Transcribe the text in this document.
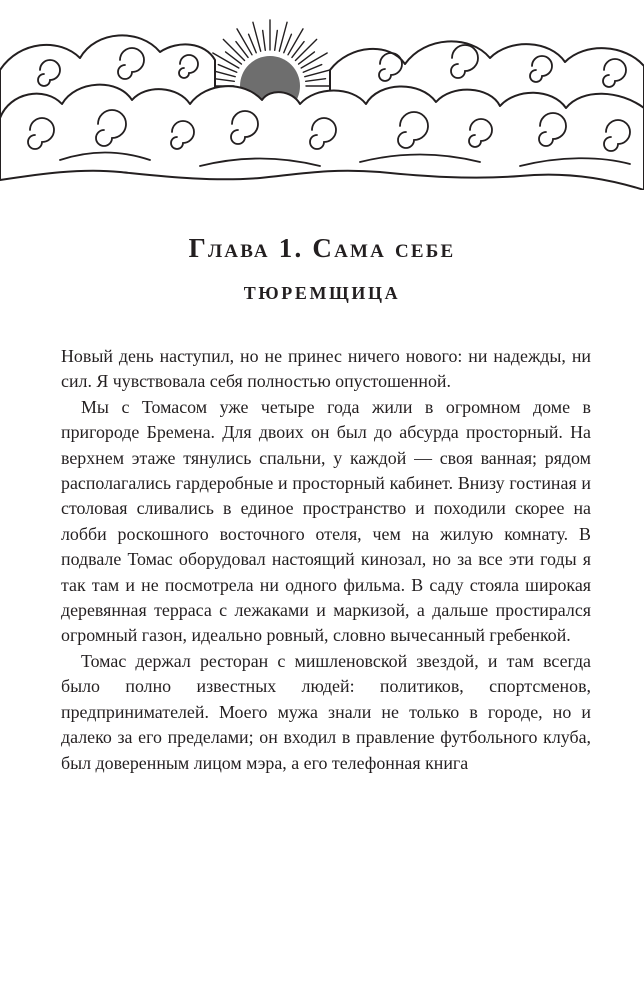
Глава 1. Сама себе
тюремщица

Новый день наступил, но не принес ничего нового: ни надежды, ни сил. Я чувствовала себя полностью опустошенной.

Мы с Томасом уже четыре года жили в огромном доме в пригороде Бремена. Для двоих он был до абсурда просторный. На верхнем этаже тянулись спальни, у каждой — своя ванная; рядом располагались гардеробные и просторный кабинет. Внизу гостиная и столовая сливались в единое пространство и походили скорее на лобби роскошного восточного отеля, чем на жилую комнату. В подвале Томас оборудовал настоящий кинозал, но за все эти годы я так там и не посмотрела ни одного фильма. В саду стояла широкая деревянная терраса с лежаками и маркизой, а дальше простирался огромный газон, идеально ровный, словно вычесанный гребенкой.

Томас держал ресторан с мишленовской звездой, и там всегда было полно известных людей: политиков, спортсменов, предпринимателей. Моего мужа знали не только в городе, но и далеко за его пределами; он входил в правление футбольного клуба, был доверенным лицом мэра, а его телефонная книга
